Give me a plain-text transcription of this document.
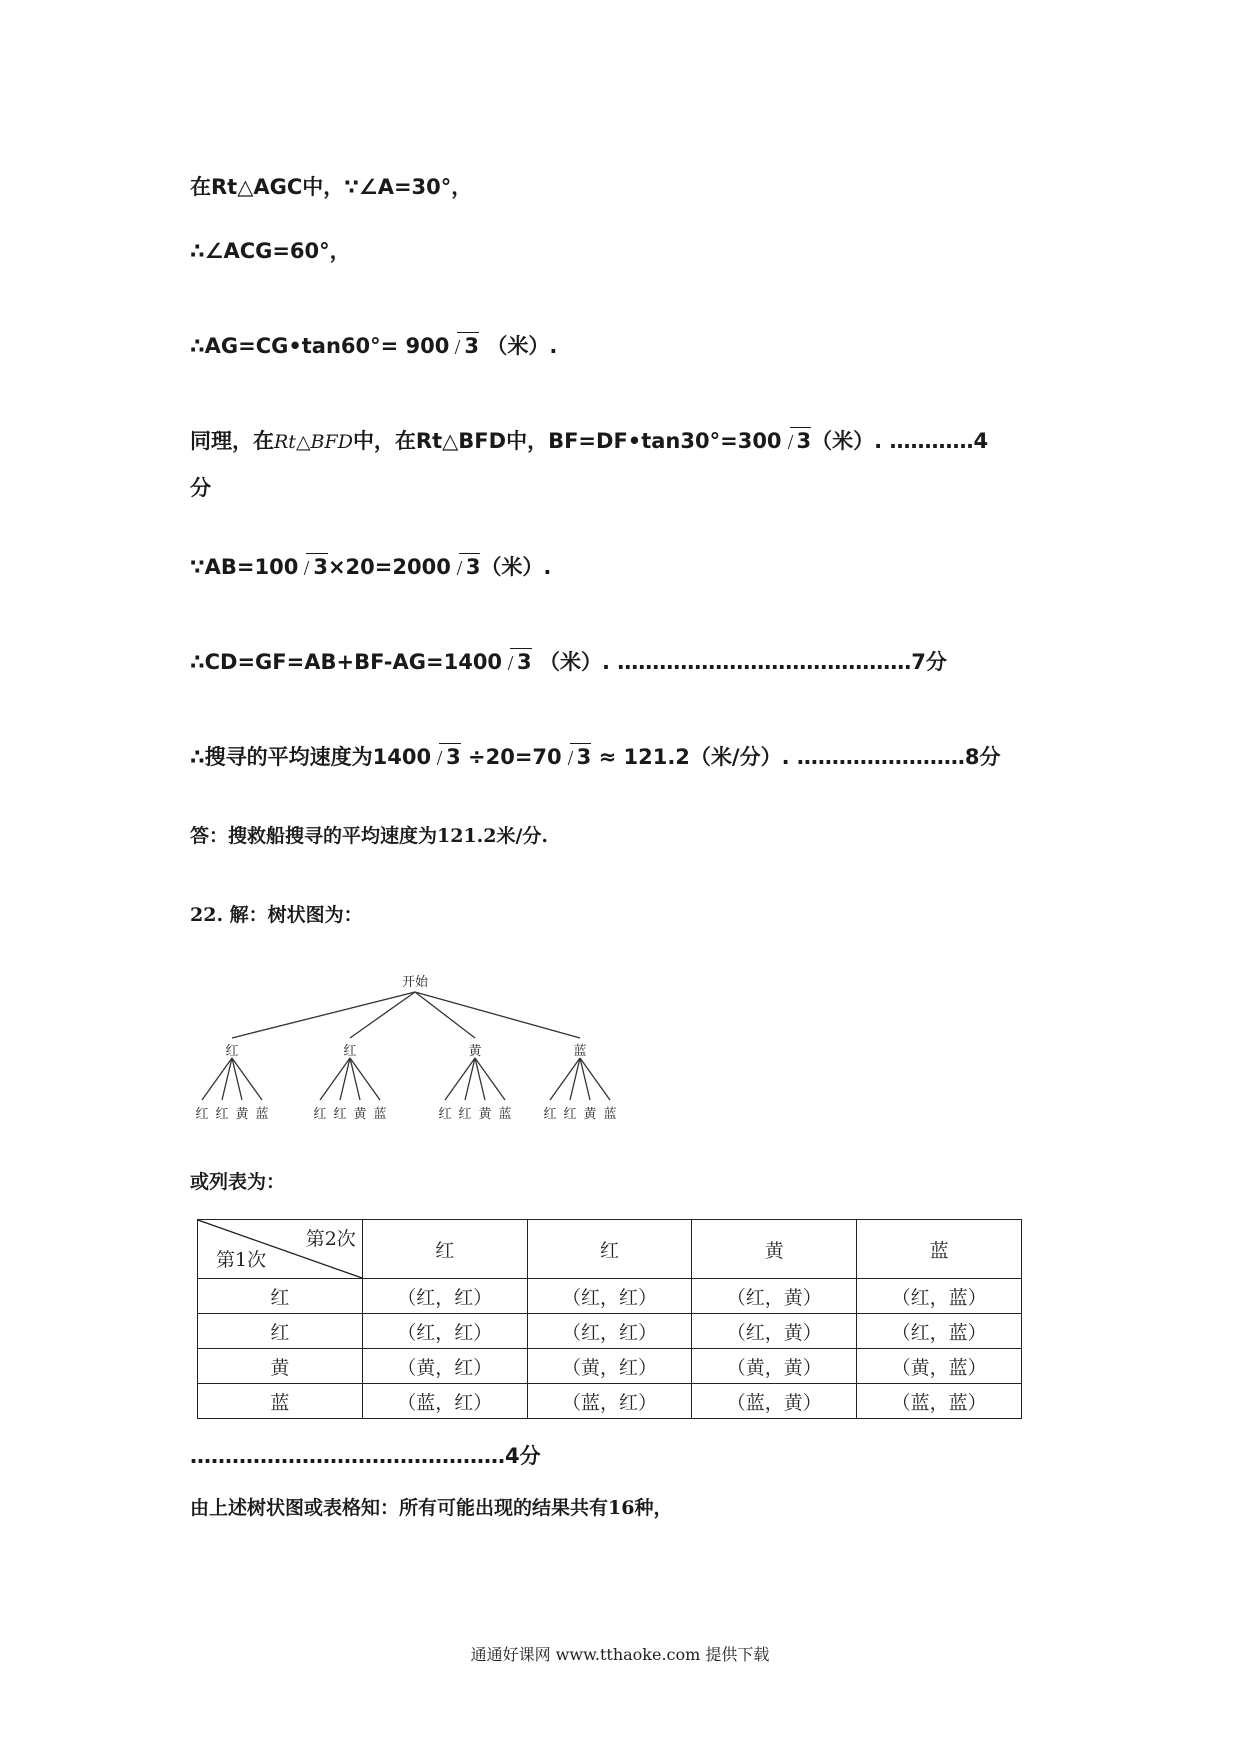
在Rt△AGC中，∵∠A=30°，

∴∠ACG=60°，

∴AG=CG•tan60°= 900 3 （米）.

同理，在Rt△BFD中，在Rt△BFD中，BF=DF•tan30°=300 3（米）. …………4

分

∵AB=100 3×20=2000 3（米）.

∴CD=GF=AB+BF-AG=1400 3 （米）. ……………………………………7分

∴搜寻的平均速度为1400 3 ÷20=70 3 ≈ 121.2（米/分）. ……………………8分

答：搜救船搜寻的平均速度为121.2米/分.

22. 解：树状图为：

开始
红	红	黄	蓝
红 红 黄 蓝	红 红 黄 蓝	红 红 黄 蓝 红 红 黄 蓝

或列表为：

第2次
第1次	红	红	黄	蓝
红	（红，红）	（红，红）	（红，黄）	（红，蓝）
红	（红，红）	（红，红）	（红，黄）	（红，蓝）
黄	（黄，红）	（黄，红）	（黄，黄）	（黄，蓝）
蓝	（蓝，红）	（蓝，红）	（蓝，黄）	（蓝，蓝）

………………………………………4分

由上述树状图或表格知：所有可能出现的结果共有16种，

通通好课网 www.tthaoke.com 提供下载
